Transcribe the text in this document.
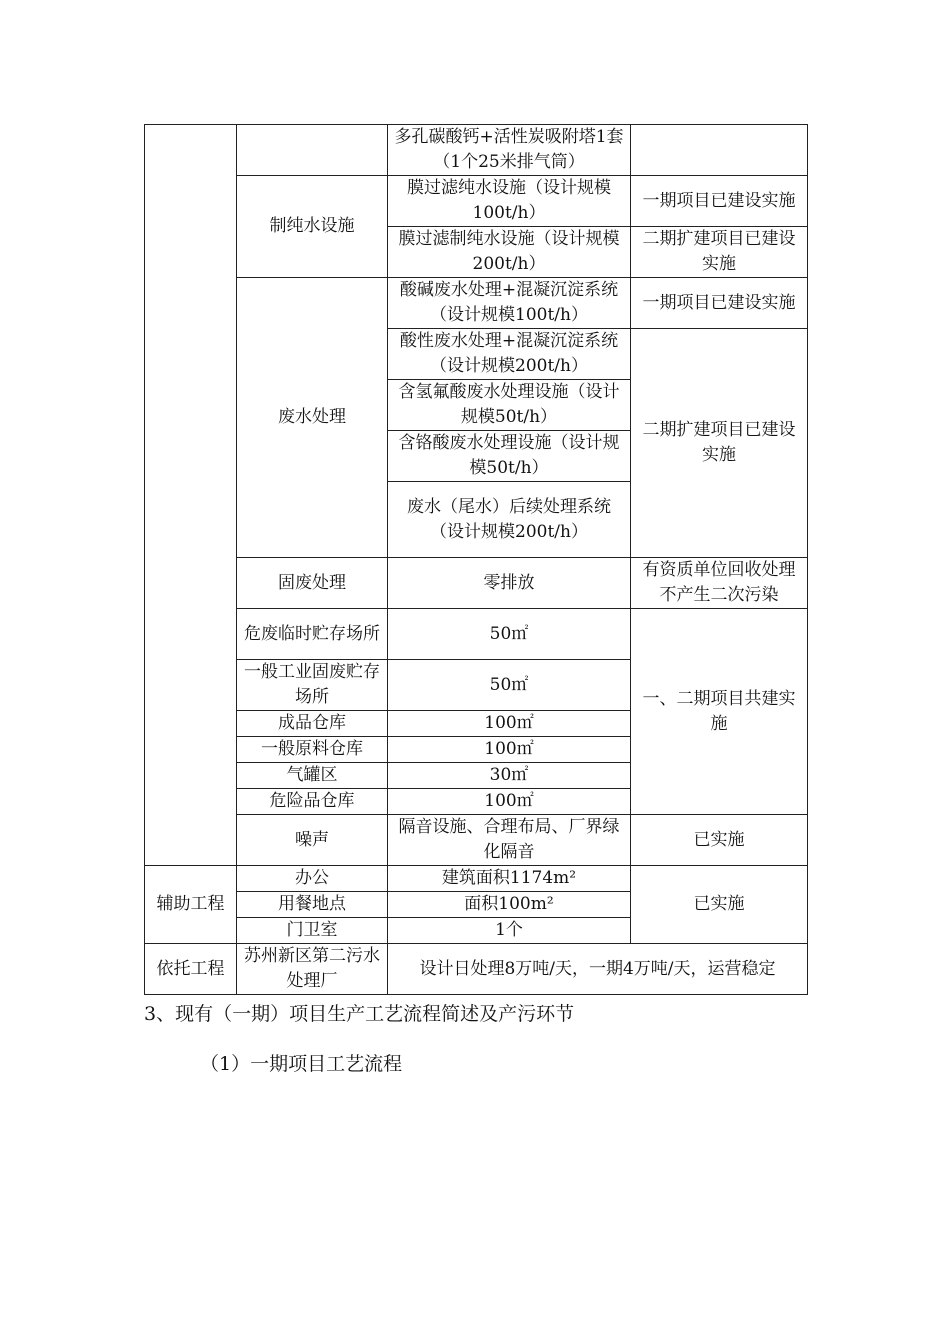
		多孔碳酸钙+活性炭吸附塔1套（1个25米排气筒）	
	制纯水设施	膜过滤纯水设施（设计规模100t/h）	一期项目已建设实施
		膜过滤制纯水设施（设计规模200t/h）	二期扩建项目已建设实施
	废水处理	酸碱废水处理+混凝沉淀系统（设计规模100t/h）	一期项目已建设实施
		酸性废水处理+混凝沉淀系统（设计规模200t/h）	二期扩建项目已建设实施
		含氢氟酸废水处理设施（设计规模50t/h）	
		含铬酸废水处理设施（设计规模50t/h）	
		废水（尾水）后续处理系统（设计规模200t/h）	
	固废处理	零排放	有资质单位回收处理不产生二次污染
	危废临时贮存场所	50㎡	一、二期项目共建实施
	一般工业固废贮存场所	50㎡	
	成品仓库	100㎡	
	一般原料仓库	100㎡	
	气罐区	30㎡	
	危险品仓库	100㎡	
	噪声	隔音设施、合理布局、厂界绿化隔音	已实施
辅助工程	办公	建筑面积1174m²	已实施
	用餐地点	面积100m²	
	门卫室	1个	
依托工程	苏州新区第二污水处理厂	设计日处理8万吨/天，一期4万吨/天，运营稳定	
3、现有（一期）项目生产工艺流程简述及产污环节
（1）一期项目工艺流程
